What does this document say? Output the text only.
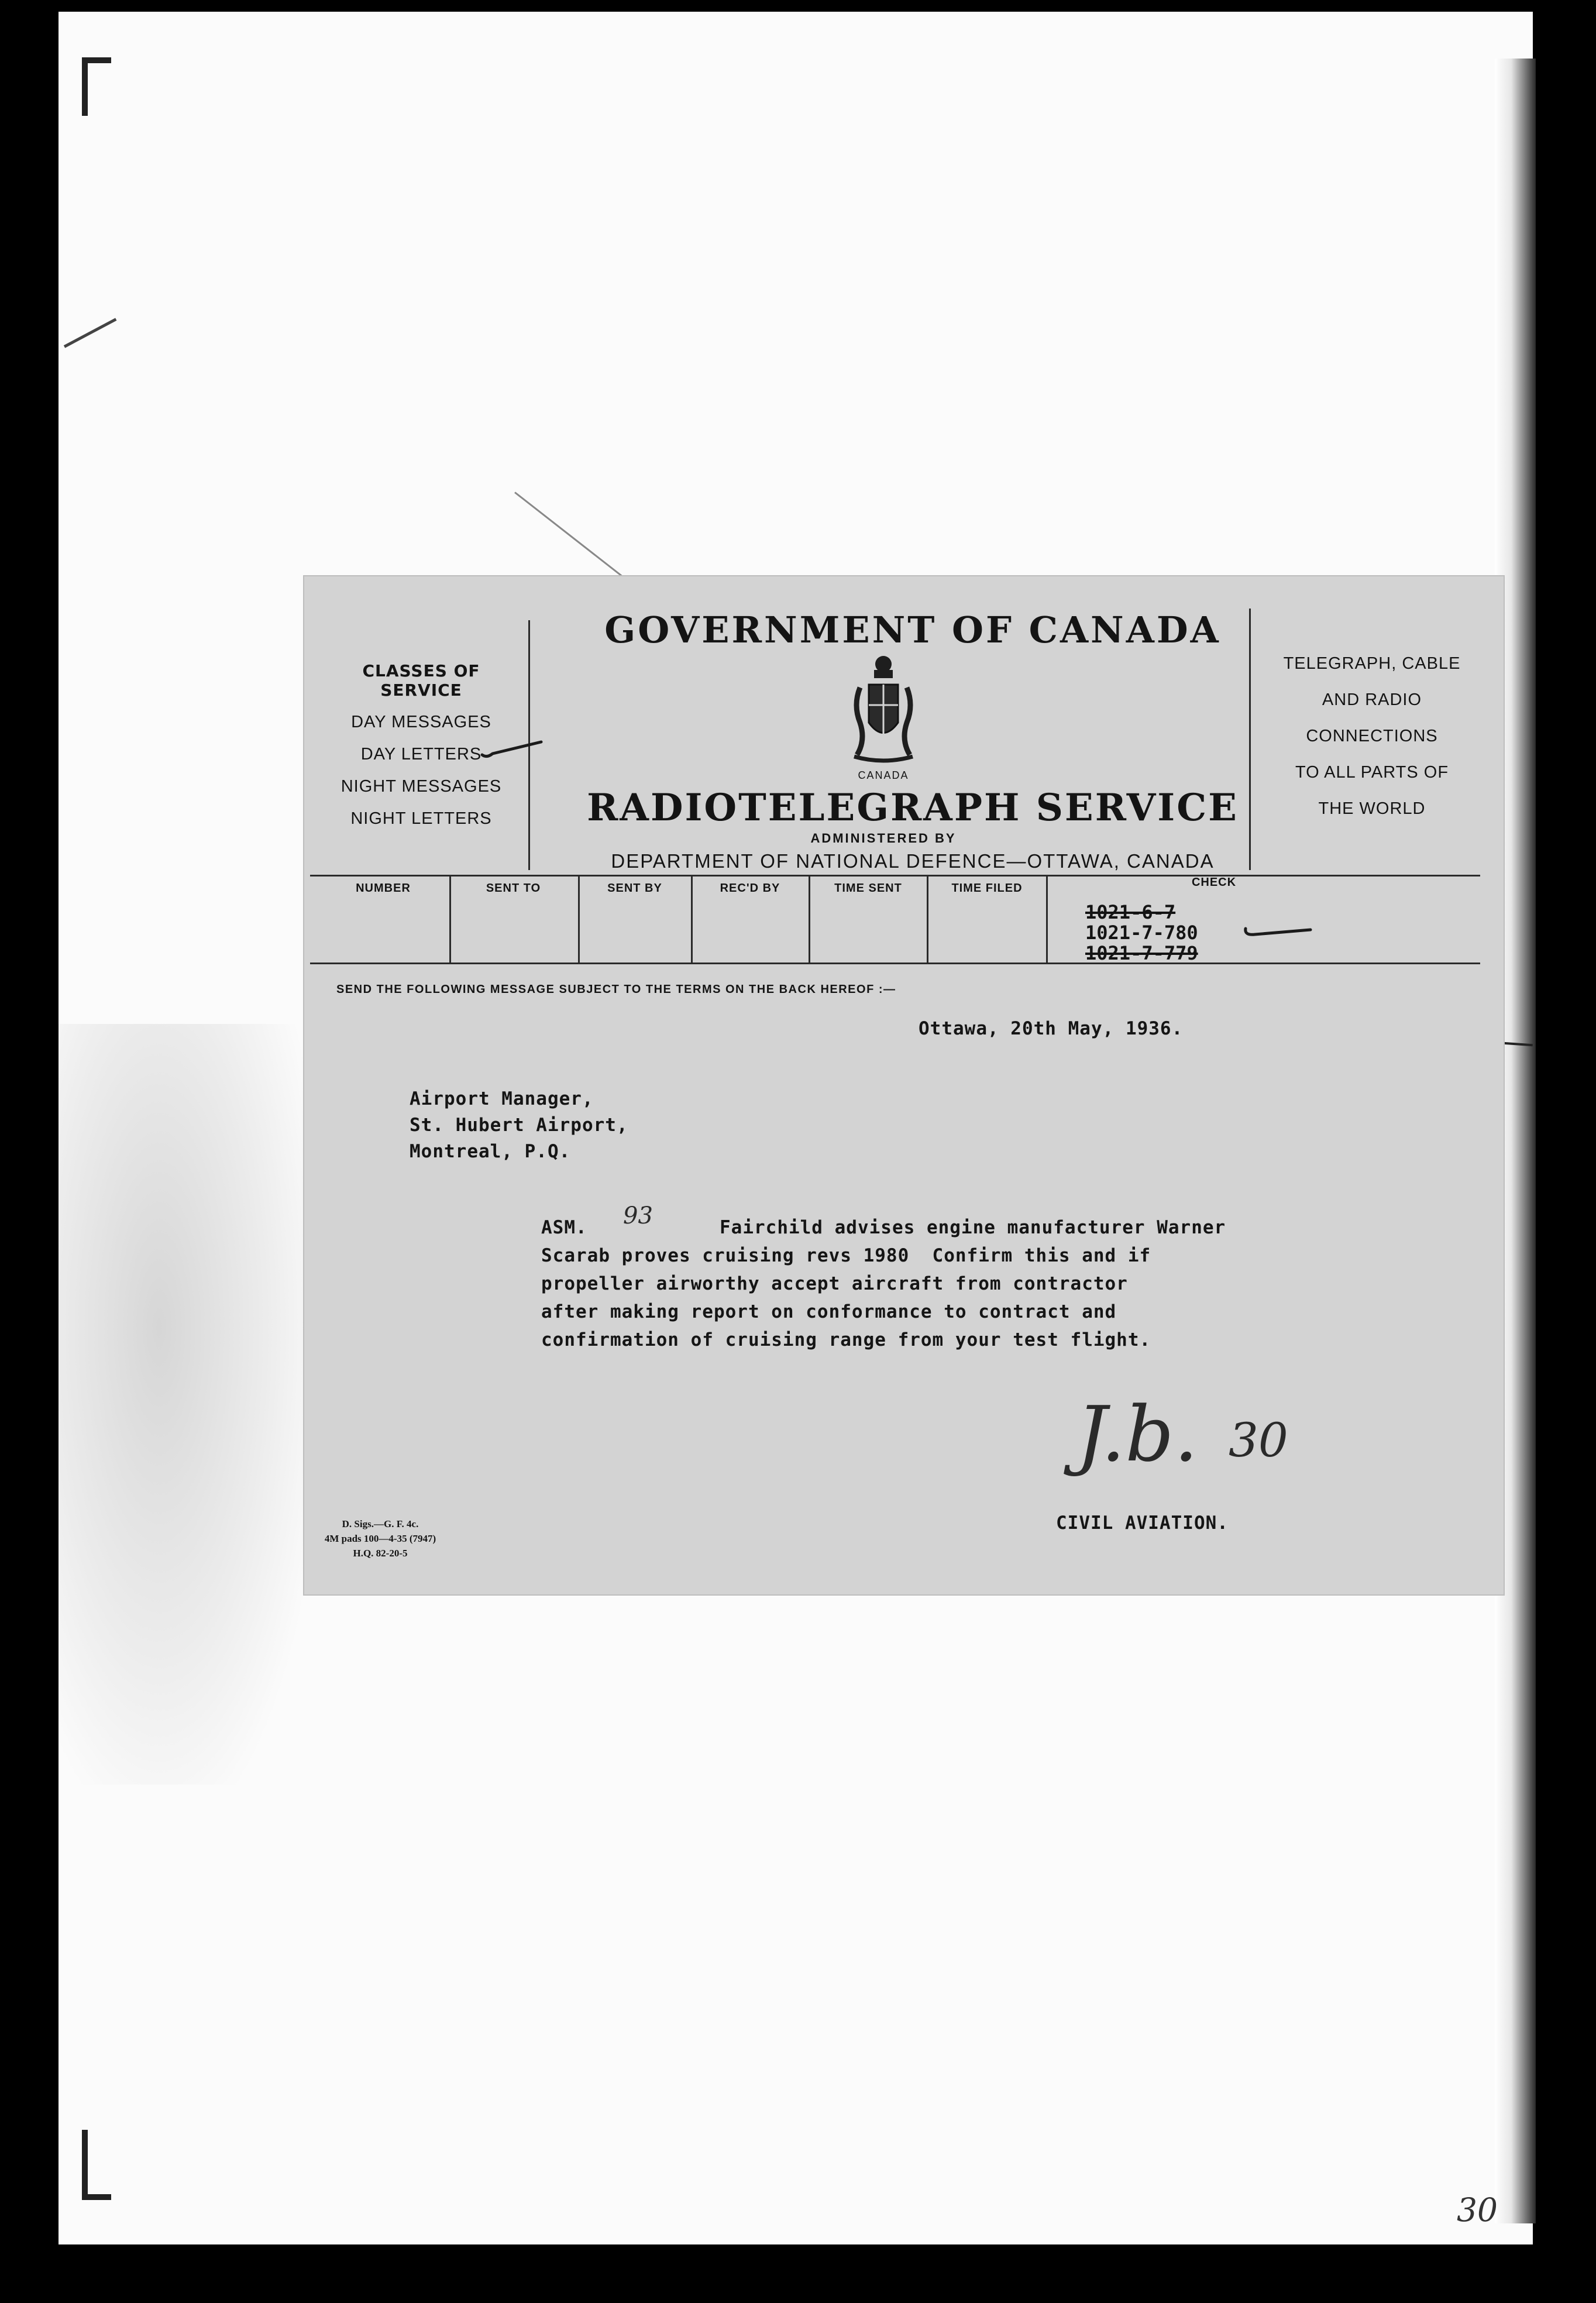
CLASSES OF SERVICE
DAY MESSAGES
DAY LETTERS
NIGHT MESSAGES
NIGHT LETTERS
GOVERNMENT OF CANADA
CANADA
RADIOTELEGRAPH SERVICE
ADMINISTERED BY
DEPARTMENT OF NATIONAL DEFENCE—OTTAWA, CANADA
TELEGRAPH, CABLE
AND RADIO
CONNECTIONS
TO ALL PARTS OF
THE WORLD
NUMBER	SENT TO	SENT BY	REC'D BY	TIME SENT	TIME FILED	CHECK
1021-6-7
1021-7-780
1021-7-779
SEND THE FOLLOWING MESSAGE SUBJECT TO THE TERMS ON THE BACK HEREOF :—
Ottawa, 20th May, 1936.
Airport Manager,
St. Hubert Airport,
Montreal, P.Q.
ASM. 93	Fairchild advises engine manufacturer Warner
Scarab proves cruising revs 1980  Confirm this and if
propeller airworthy accept aircraft from contractor
after making report on conformance to contract and
confirmation of cruising range from your test flight.
J.b. 30
CIVIL AVIATION.
D. Sigs.—G. F. 4c.
4M pads 100—4-35 (7947)
H.Q. 82-20-5
30
